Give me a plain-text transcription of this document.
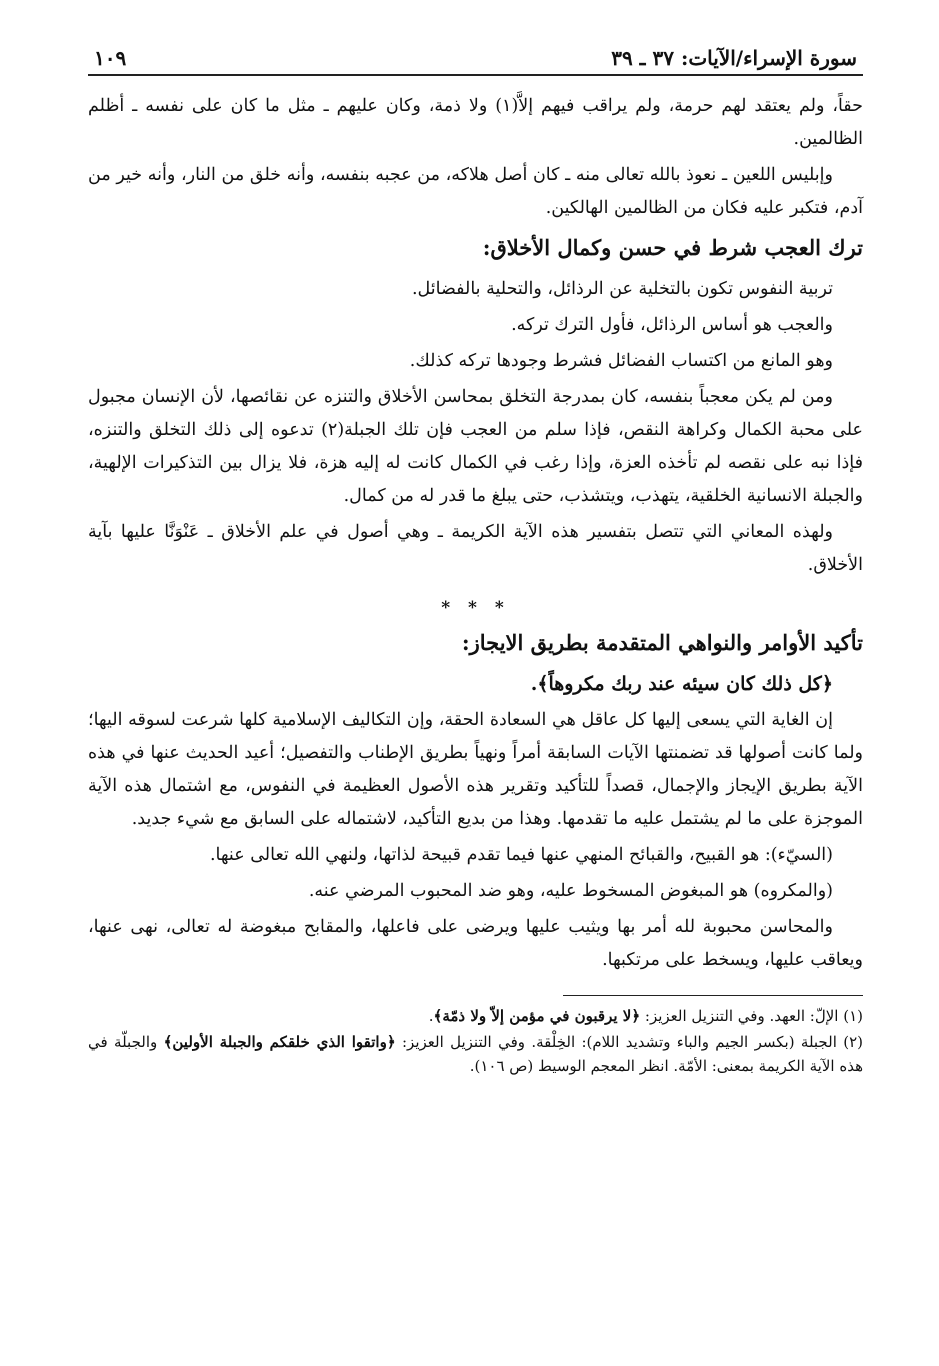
سورة الإسراء/الآيات: ٣٧ ـ ٣٩
١٠٩

حقاً، ولم يعتقد لهم حرمة، ولم يراقب فيهم إلاَّ(١) ولا ذمة، وكان عليهم ـ مثل ما كان على نفسه ـ أظلم الظالمين.

وإبليس اللعين ـ نعوذ بالله تعالى منه ـ كان أصل هلاكه، من عجبه بنفسه، وأنه خلق من النار، وأنه خير من آدم، فتكبر عليه فكان من الظالمين الهالكين.

ترك العجب شرط في حسن وكمال الأخلاق:

تربية النفوس تكون بالتخلية عن الرذائل، والتحلية بالفضائل.

والعجب هو أساس الرذائل، فأول الترك تركه.

وهو المانع من اكتساب الفضائل فشرط وجودها تركه كذلك.

ومن لم يكن معجباً بنفسه، كان بمدرجة التخلق بمحاسن الأخلاق والتنزه عن نقائصها، لأن الإنسان مجبول على محبة الكمال وكراهة النقص، فإذا سلم من العجب فإن تلك الجبلة(٢) تدعوه إلى ذلك التخلق والتنزه، فإذا نبه على نقصه لم تأخذه العزة، وإذا رغب في الكمال كانت له إليه هزة، فلا يزال بين التذكيرات الإلهية، والجبلة الانسانية الخلقية، يتهذب، ويتشذب، حتى يبلغ ما قدر له من كمال.

ولهذه المعاني التي تتصل بتفسير هذه الآية الكريمة ـ وهي أصول في علم الأخلاق ـ عَنْوَنَّا عليها بآية الأخلاق.

* * *
تأكيد الأوامر والنواهي المتقدمة بطريق الايجاز:

﴿كل ذلك كان سيئه عند ربك مكروهاً﴾.

إن الغاية التي يسعى إليها كل عاقل هي السعادة الحقة، وإن التكاليف الإسلامية كلها شرعت لسوقه اليها؛ ولما كانت أصولها قد تضمنتها الآيات السابقة أمراً ونهياً بطريق الإطناب والتفصيل؛ أعيد الحديث عنها في هذه الآية بطريق الإيجاز والإجمال، قصداً للتأكيد وتقرير هذه الأصول العظيمة في النفوس، مع اشتمال هذه الآية الموجزة على ما لم يشتمل عليه ما تقدمها. وهذا من بديع التأكيد، لاشتماله على السابق مع شيء جديد.

(السيّء): هو القبيح، والقبائح المنهي عنها فيما تقدم قبيحة لذاتها، ولنهي الله تعالى عنها.

(والمكروه) هو المبغوض المسخوط عليه، وهو ضد المحبوب المرضي عنه.

والمحاسن محبوبة لله أمر بها ويثيب عليها ويرضى على فاعلها، والمقابح مبغوضة له تعالى، نهى عنها، ويعاقب عليها، ويسخط على مرتكبها.

(١) الإلّ: العهد. وفي التنزيل العزيز: ﴿لا يرقبون في مؤمن إلاّ ولا ذمّة﴾.

(٢) الجبلة (بكسر الجيم والباء وتشديد اللام): الخِلْقة. وفي التنزيل العزيز: ﴿واتقوا الذي خلقكم والجبلة الأولين﴾ والجبلّة في هذه الآية الكريمة بمعنى: الأمّة. انظر المعجم الوسيط (ص ١٠٦).
